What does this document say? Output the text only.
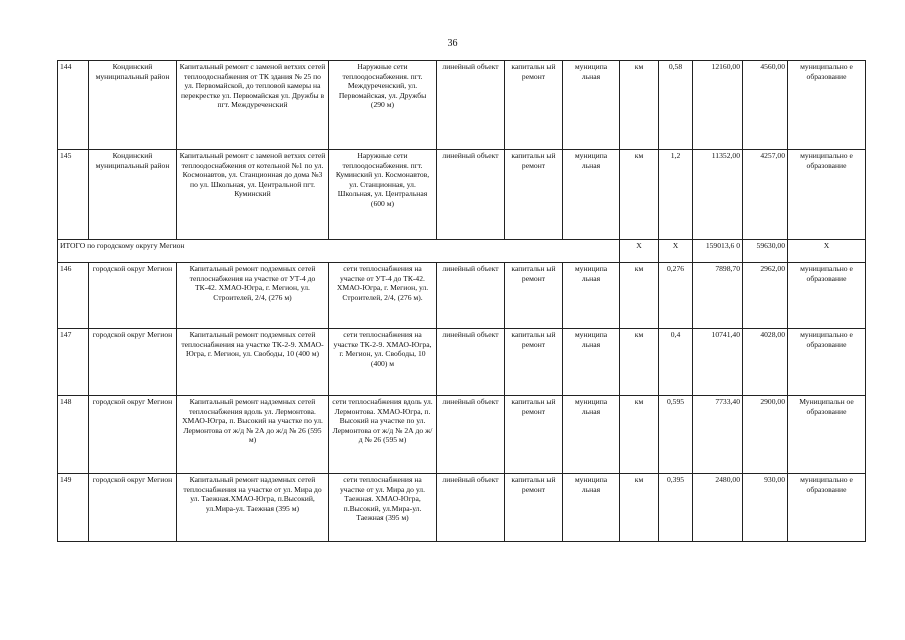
36
144	Кондинский муниципальный район	Капитальный ремонт с заменой ветхих сетей теплоодоснабжения от ТК здания № 25 по ул. Первомайской, до тепловой камеры на перекрестке ул. Первомайская ул. Дружбы в пгт. Междуреченский	Наружные сети теплоодоснабжения. пгт. Междуреченский, ул. Первомайская, ул. Дружбы (290 м)	линейный объект	капитальн ый ремонт	муниципа льная	км	0,58	12160,00	4560,00	муниципально е образование
145	Кондинский муниципальный район	Капитальный ремонт с заменой ветхих сетей теплоодоснабжения от котельной №1 по ул. Космонавтов, ул. Станционная до дома №3 по ул. Школьная, ул. Центральной пгт. Куминский	Наружные сети теплоодоснабжения. пгт. Куминский ул. Космонавтов, ул. Станционная, ул. Школьная, ул. Центральная (600 м)	линейный объект	капитальн ый ремонт	муниципа льная	км	1,2	11352,00	4257,00	муниципально е образование
ИТОГО по городскому округу Мегион							X	X	159013,6 0	59630,00	X
146	городской округ Мегион	Капитальный ремонт подземных сетей теплоснабжения на участке от УТ-4 до ТК-42. ХМАО-Югра, г. Мегион, ул. Строителей, 2/4, (276 м)	сети теплоснабжения на участке от УТ-4 до ТК-42. ХМАО-Югра, г. Мегион, ул. Строителей, 2/4, (276 м).	линейный объект	капитальн ый ремонт	муниципа льная	км	0,276	7898,70	2962,00	муниципально е образование
147	городской округ Мегион	Капитальный ремонт подземных сетей теплоснабжения на участке ТК-2-9. ХМАО-Югра, г. Мегион, ул. Свободы, 10 (400 м)	сети теплоснабжения на участке ТК-2-9. ХМАО-Югра, г. Мегион, ул. Свободы, 10 (400) м	линейный объект	капитальн ый ремонт	муниципа льная	км	0,4	10741,40	4028,00	муниципально е образование
148	городской округ Мегион	Капитальный ремонт надземных сетей теплоснабжения вдоль ул. Лермонтова. ХМАО-Югра, п. Высокий на участке по ул. Лермонтова от ж/д № 2А до ж/д № 26 (595 м)	сети теплоснабжения вдоль ул. Лермонтова. ХМАО-Югра, п. Высокий на участке по ул. Лермонтова от ж/д № 2А до ж/д № 26 (595 м)	линейный объект	капитальн ый ремонт	муниципа льная	км	0,595	7733,40	2900,00	Муниципальн ое образование
149	городской округ Мегион	Капитальный ремонт надземных сетей теплоснабжения на участке от ул. Мира до ул. Таежная.ХМАО-Югра, п.Высокий, ул.Мира-ул. Таежная (395 м)	сети теплоснабжения на участке от ул. Мира до ул. Таежная. ХМАО-Югра, п.Высокий, ул.Мира-ул. Таежная (395 м)	линейный объект	капитальн ый ремонт	муниципа льная	км	0,395	2480,00	930,00	муниципально е образование
